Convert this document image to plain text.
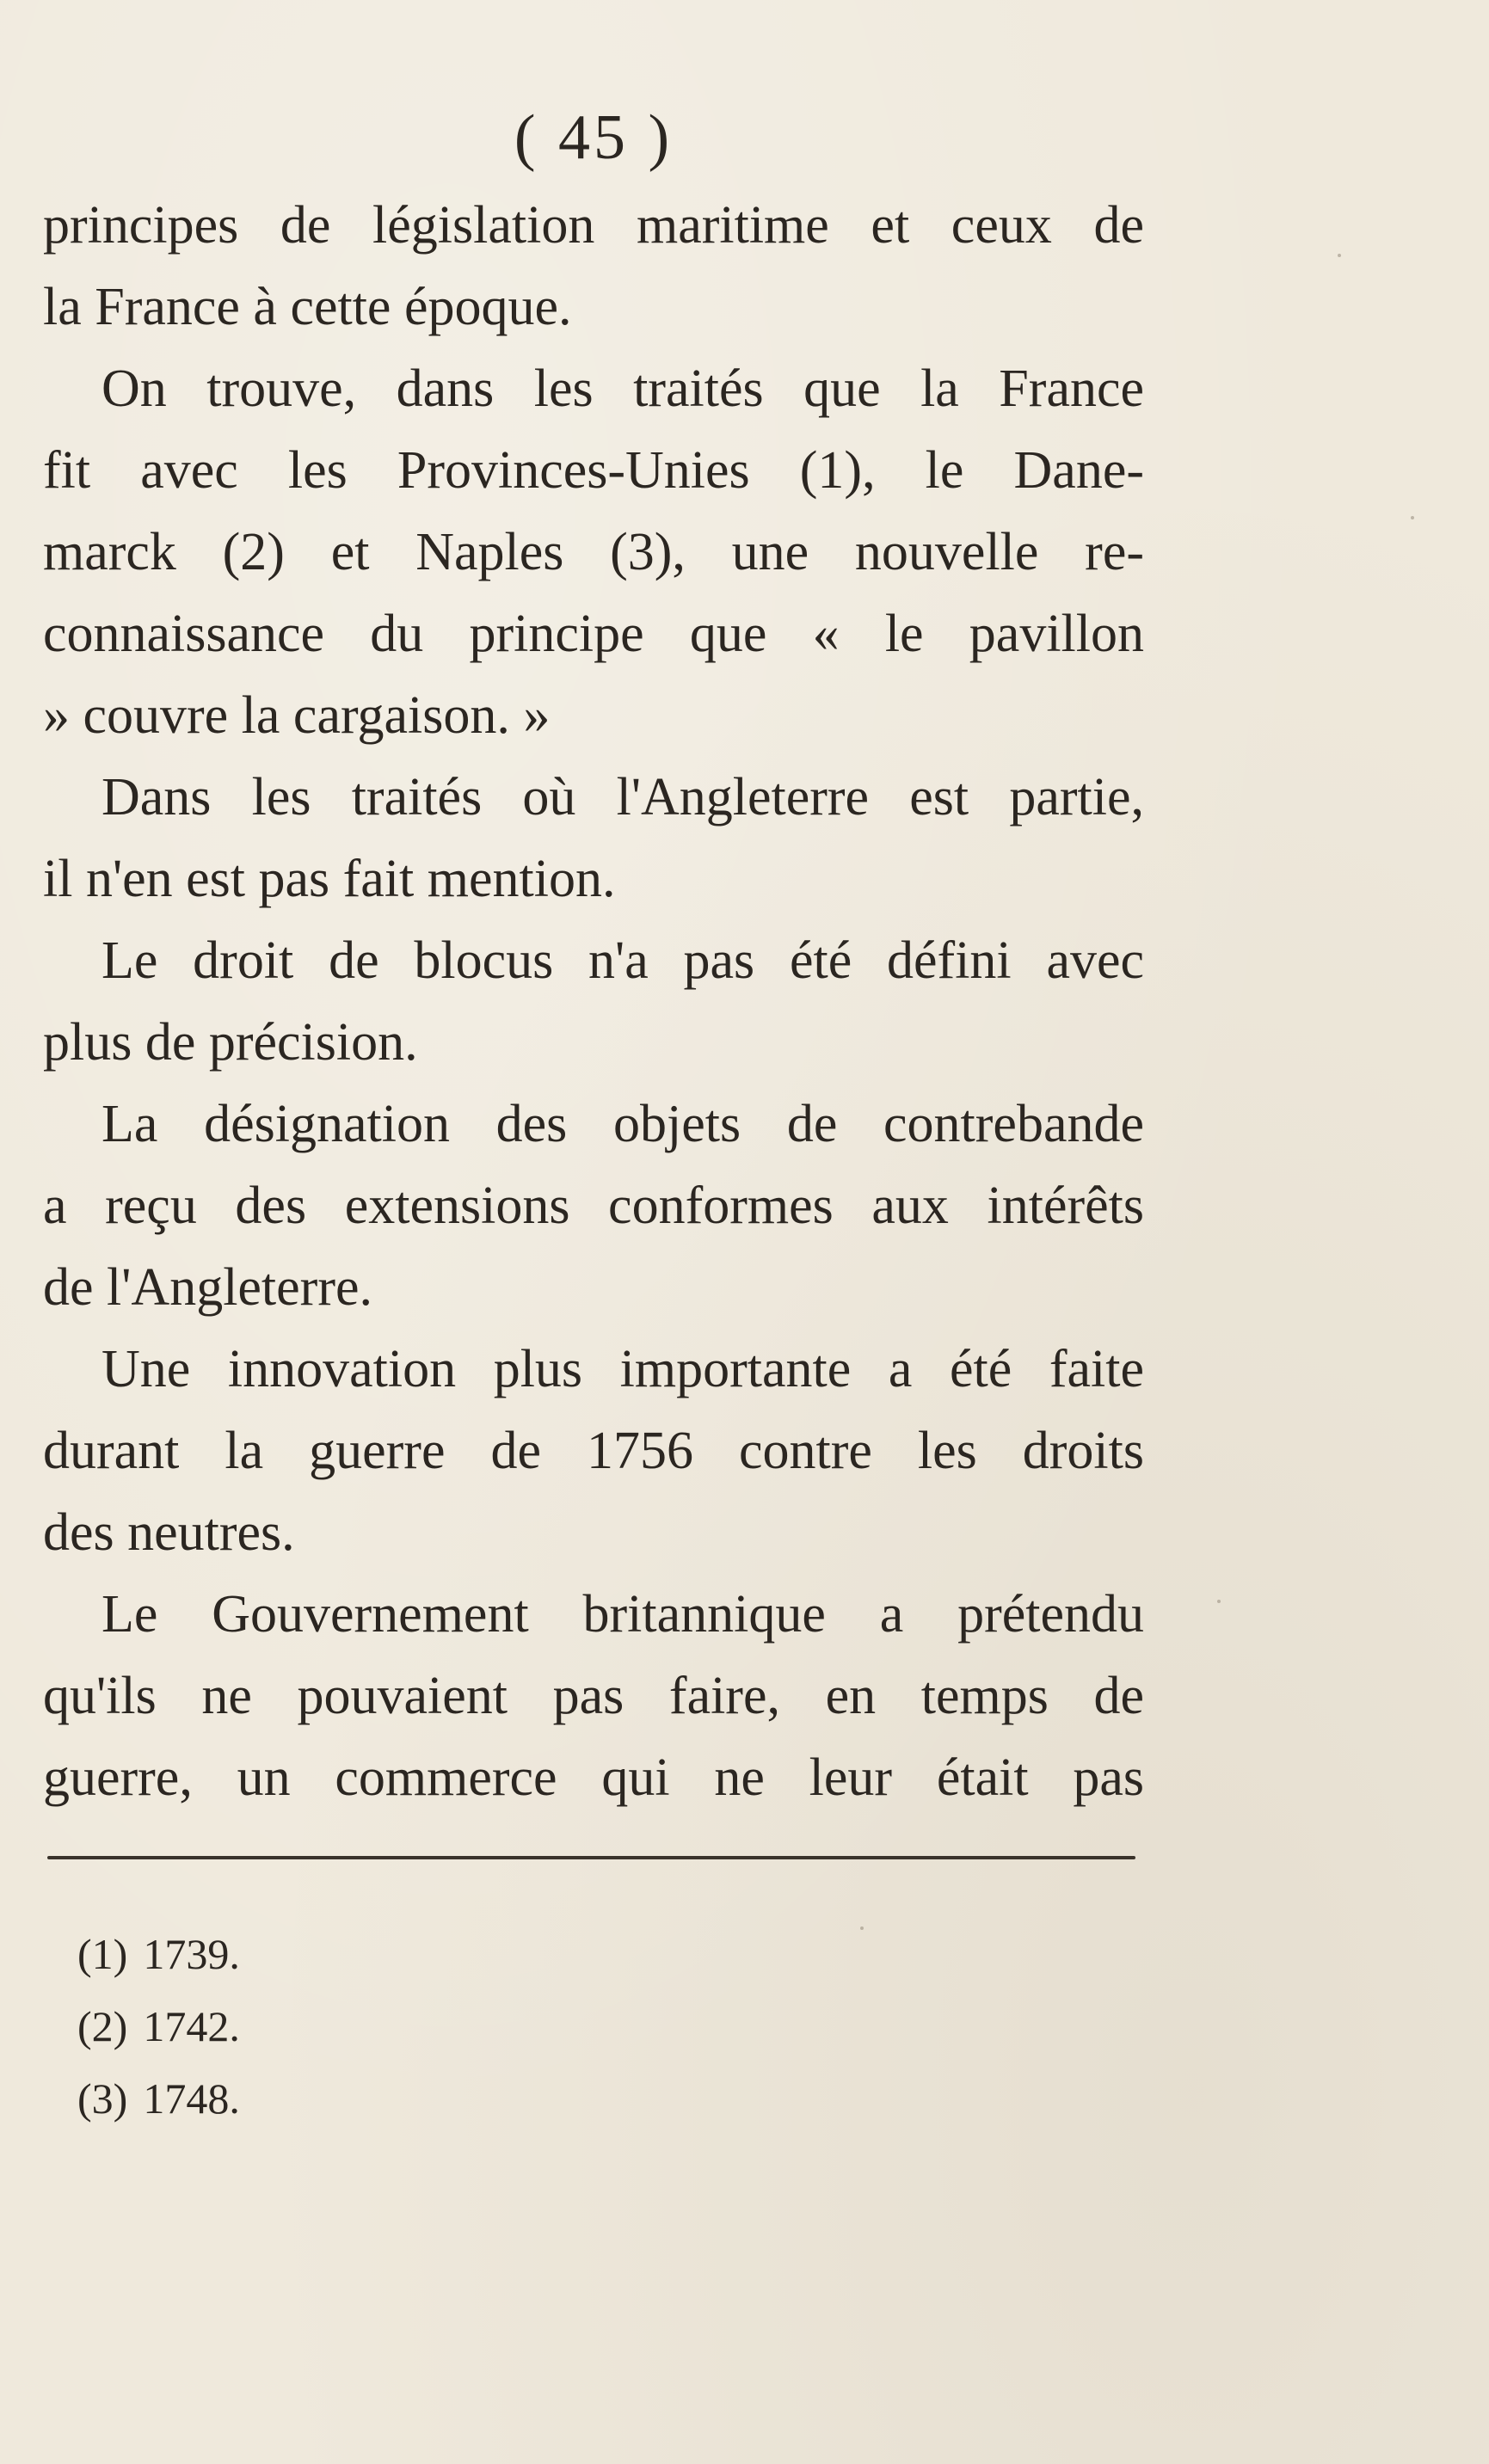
( 45 )
principes de législation maritime et ceux de
la France à cette époque.
On trouve, dans les traités que la France
fit avec les Provinces-Unies (1), le Dane-
marck (2) et Naples (3), une nouvelle re-
connaissance du principe que « le pavillon
» couvre la cargaison. »
Dans les traités où l'Angleterre est partie,
il n'en est pas fait mention.
Le droit de blocus n'a pas été défini avec
plus de précision.
La désignation des objets de contrebande
a reçu des extensions conformes aux intérêts
de l'Angleterre.
Une innovation plus importante a été faite
durant la guerre de 1756 contre les droits
des neutres.
Le Gouvernement britannique a prétendu
qu'ils ne pouvaient pas faire, en temps de
guerre, un commerce qui ne leur était pas
(1) 1739.
(2) 1742.
(3) 1748.
